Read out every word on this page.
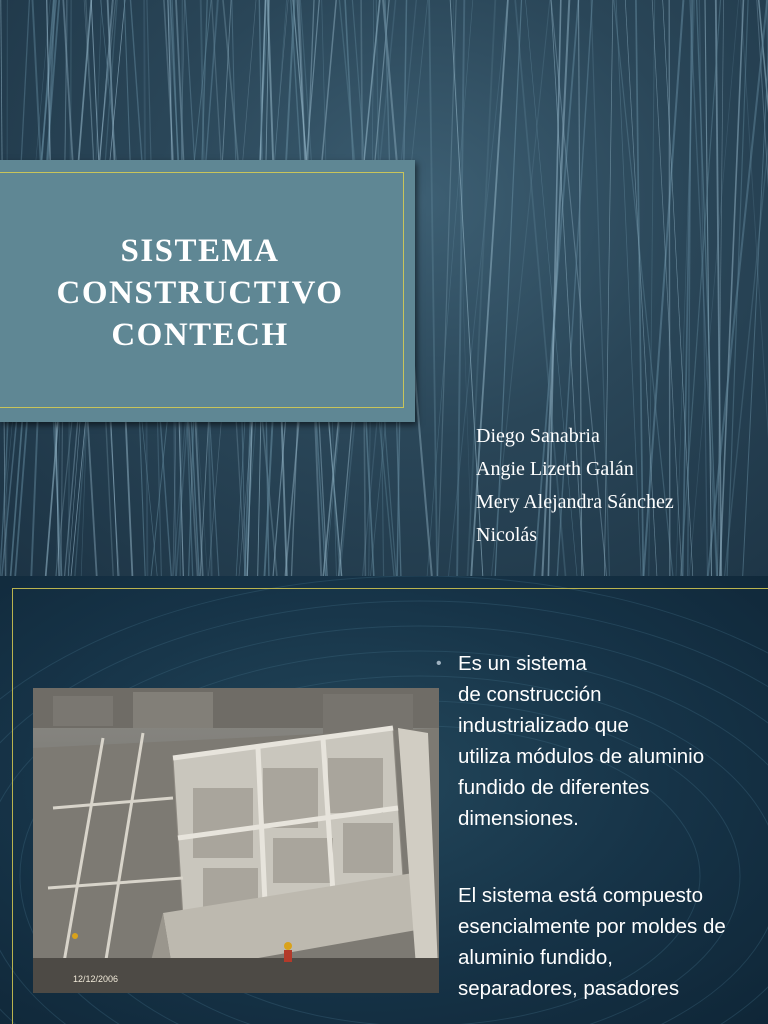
SISTEMA
CONSTRUCTIVO
CONTECH
Diego Sanabria
Angie Lizeth Galán
Mery Alejandra Sánchez
Nicolás
12/12/2006
• Es un sistema
de construcción
industrializado que
utiliza módulos de aluminio
fundido de diferentes
dimensiones.
El sistema está compuesto
esencialmente por moldes de
aluminio fundido,
separadores, pasadores
